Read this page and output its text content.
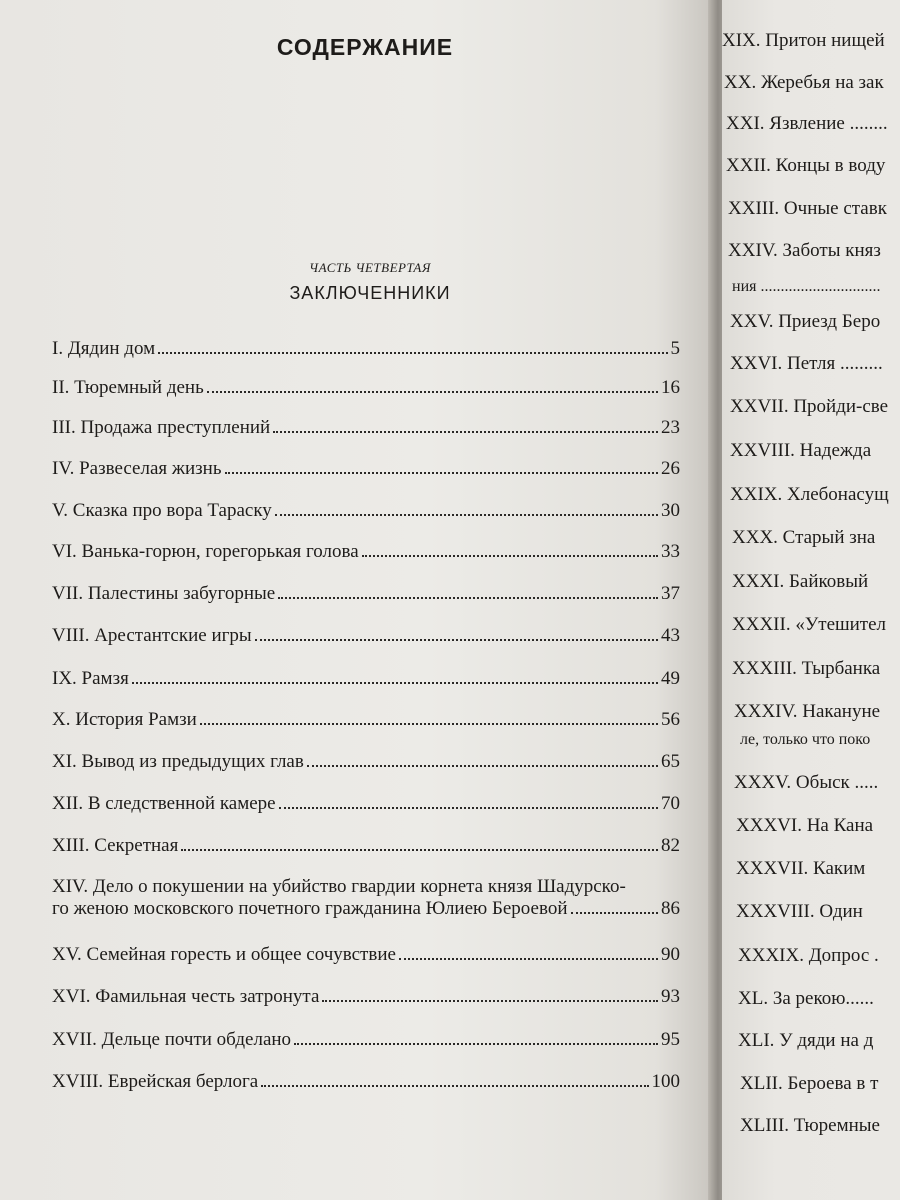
СОДЕРЖАНИЕ
ЧАСТЬ ЧЕТВЕРТАЯ
ЗАКЛЮЧЕННИКИ
I. Дядин дом	5
II. Тюремный день	16
III. Продажа преступлений	23
IV. Развеселая жизнь	26
V. Сказка про вора Тараску	30
VI. Ванька-горюн, горегорькая голова	33
VII. Палестины забугорные	37
VIII. Арестантские игры	43
IX. Рамзя	49
X. История Рамзи	56
XI. Вывод из предыдущих глав	65
XII. В следственной камере	70
XIII. Секретная	82
XIV. Дело о покушении на убийство гвардии корнета князя Шадурско-
го женою московского почетного гражданина Юлиею Бероевой	86
XV. Семейная горесть и общее сочувствие	90
XVI. Фамильная честь затронута	93
XVII. Дельце почти обделано	95
XVIII. Еврейская берлога	100
XIX. Притон нищей
XX. Жеребья на зак
XXI. Язвление ........
XXII. Концы в воду
XXIII. Очные ставк
XXIV. Заботы княз
ния ..............................
XXV. Приезд Беро
XXVI. Петля .........
XXVII. Пройди-све
XXVIII. Надежда
XXIX. Хлебонасущ
XXX. Старый зна
XXXI. Байковый
XXXII. «Утешител
XXXIII. Тырбанка
XXXIV. Накануне
ле, только что поко
XXXV. Обыск .....
XXXVI. На Кана
XXXVII. Каким
XXXVIII. Один
XXXIX. Допрос .
XL. За рекою......
XLI. У дяди на д
XLII. Бероева в т
XLIII. Тюремные
